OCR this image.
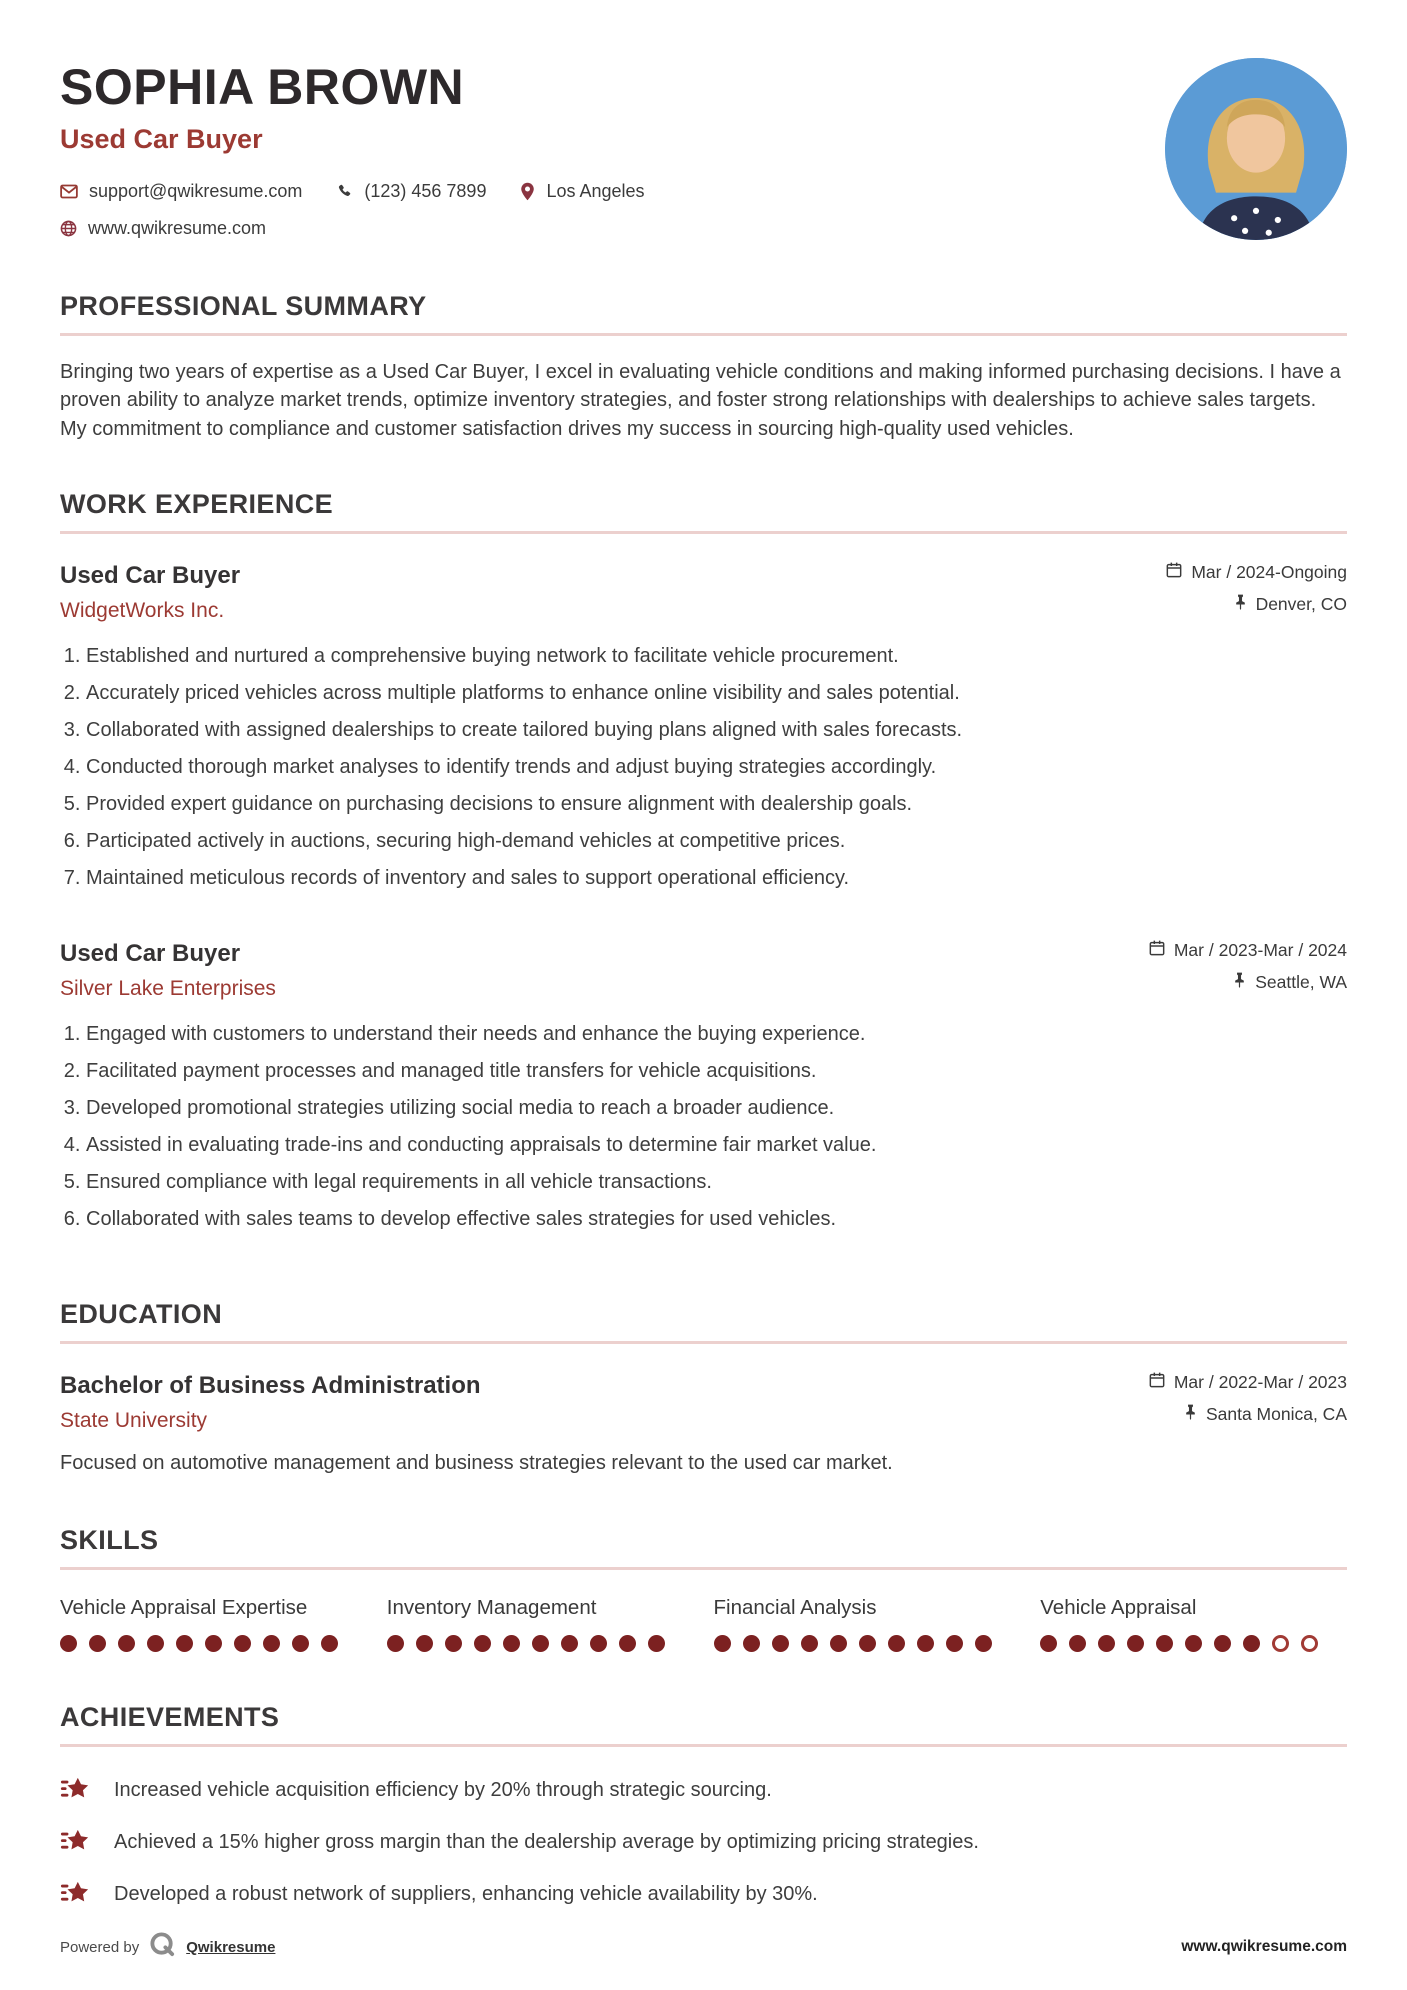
SOPHIA BROWN
Used Car Buyer
support@qwikresume.com	(123) 456 7899	Los Angeles
www.qwikresume.com
PROFESSIONAL SUMMARY

Bringing two years of expertise as a Used Car Buyer, I excel in evaluating vehicle conditions and making informed purchasing decisions. I have a proven ability to analyze market trends, optimize inventory strategies, and foster strong relationships with dealerships to achieve sales targets. My commitment to compliance and customer satisfaction drives my success in sourcing high-quality used vehicles.

WORK EXPERIENCE
Used Car Buyer
WidgetWorks Inc.
Mar / 2024-Ongoing
Denver, CO
1. Established and nurtured a comprehensive buying network to facilitate vehicle procurement.
2. Accurately priced vehicles across multiple platforms to enhance online visibility and sales potential.
3. Collaborated with assigned dealerships to create tailored buying plans aligned with sales forecasts.
4. Conducted thorough market analyses to identify trends and adjust buying strategies accordingly.
5. Provided expert guidance on purchasing decisions to ensure alignment with dealership goals.
6. Participated actively in auctions, securing high-demand vehicles at competitive prices.
7. Maintained meticulous records of inventory and sales to support operational efficiency.
Used Car Buyer
Silver Lake Enterprises
Mar / 2023-Mar / 2024
Seattle, WA
1. Engaged with customers to understand their needs and enhance the buying experience.
2. Facilitated payment processes and managed title transfers for vehicle acquisitions.
3. Developed promotional strategies utilizing social media to reach a broader audience.
4. Assisted in evaluating trade-ins and conducting appraisals to determine fair market value.
5. Ensured compliance with legal requirements in all vehicle transactions.
6. Collaborated with sales teams to develop effective sales strategies for used vehicles.
EDUCATION
Bachelor of Business Administration
State University
Mar / 2022-Mar / 2023
Santa Monica, CA

Focused on automotive management and business strategies relevant to the used car market.

SKILLS
Vehicle Appraisal Expertise	Inventory Management	Financial Analysis	Vehicle Appraisal
ACHIEVEMENTS
Increased vehicle acquisition efficiency by 20% through strategic sourcing.
Achieved a 15% higher gross margin than the dealership average by optimizing pricing strategies.
Developed a robust network of suppliers, enhancing vehicle availability by 30%.
Powered by	Qwikresume	www.qwikresume.com
